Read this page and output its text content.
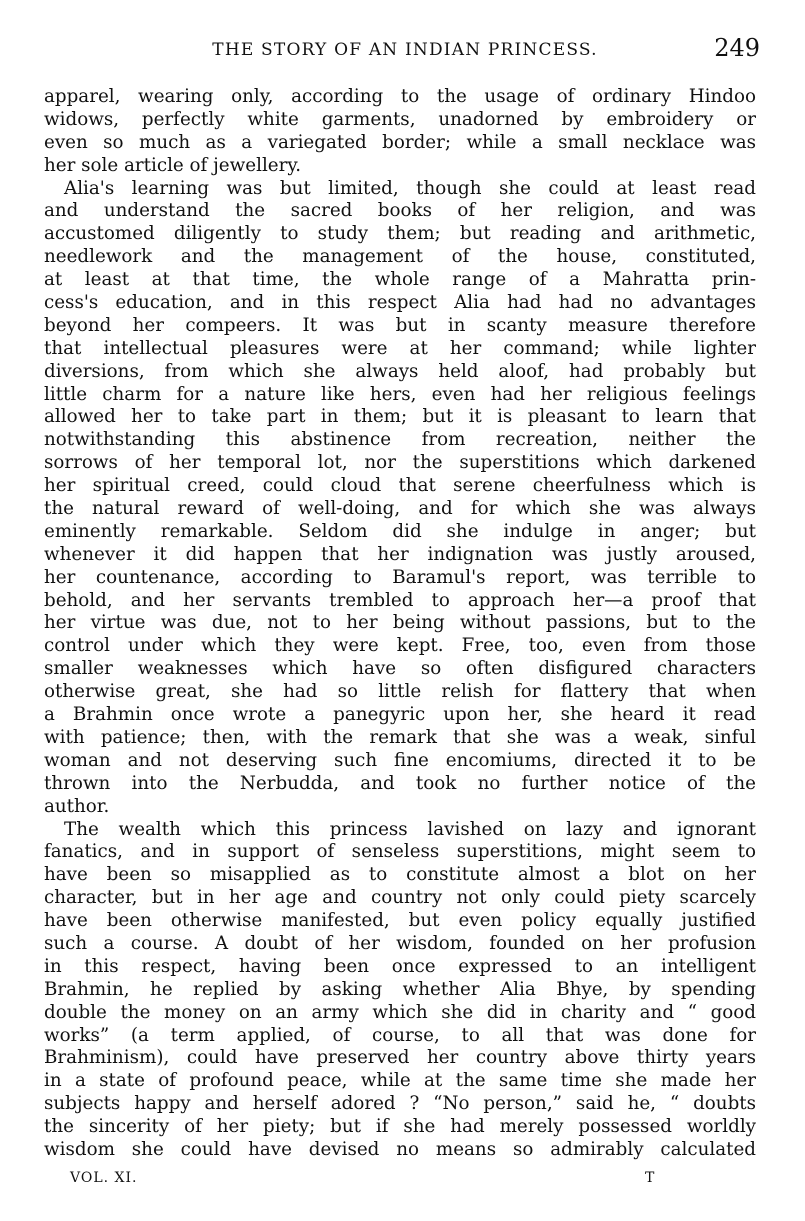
THE STORY OF AN INDIAN PRINCESS.	249
apparel, wearing only, according to the usage of ordinary Hindoo
widows, perfectly white garments, unadorned by embroidery or
even so much as a variegated border; while a small necklace was
her sole article of jewellery.
Alia's learning was but limited, though she could at least read
and understand the sacred books of her religion, and was
accustomed diligently to study them; but reading and arithmetic,
needlework and the management of the house, constituted,
at least at that time, the whole range of a Mahratta prin-
cess's education, and in this respect Alia had had no advantages
beyond her compeers. It was but in scanty measure therefore
that intellectual pleasures were at her command; while lighter
diversions, from which she always held aloof, had probably but
little charm for a nature like hers, even had her religious feelings
allowed her to take part in them; but it is pleasant to learn that
notwithstanding this abstinence from recreation, neither the
sorrows of her temporal lot, nor the superstitions which darkened
her spiritual creed, could cloud that serene cheerfulness which is
the natural reward of well-doing, and for which she was always
eminently remarkable. Seldom did she indulge in anger; but
whenever it did happen that her indignation was justly aroused,
her countenance, according to Baramul's report, was terrible to
behold, and her servants trembled to approach her—a proof that
her virtue was due, not to her being without passions, but to the
control under which they were kept. Free, too, even from those
smaller weaknesses which have so often disfigured characters
otherwise great, she had so little relish for flattery that when
a Brahmin once wrote a panegyric upon her, she heard it read
with patience; then, with the remark that she was a weak, sinful
woman and not deserving such fine encomiums, directed it to be
thrown into the Nerbudda, and took no further notice of the
author.
The wealth which this princess lavished on lazy and ignorant
fanatics, and in support of senseless superstitions, might seem to
have been so misapplied as to constitute almost a blot on her
character, but in her age and country not only could piety scarcely
have been otherwise manifested, but even policy equally justified
such a course. A doubt of her wisdom, founded on her profusion
in this respect, having been once expressed to an intelligent
Brahmin, he replied by asking whether Alia Bhye, by spending
double the money on an army which she did in charity and “ good
works” (a term applied, of course, to all that was done for
Brahminism), could have preserved her country above thirty years
in a state of profound peace, while at the same time she made her
subjects happy and herself adored ? “No person,” said he, “ doubts
the sincerity of her piety; but if she had merely possessed worldly
wisdom she could have devised no means so admirably calculated
VOL. XI.	T
